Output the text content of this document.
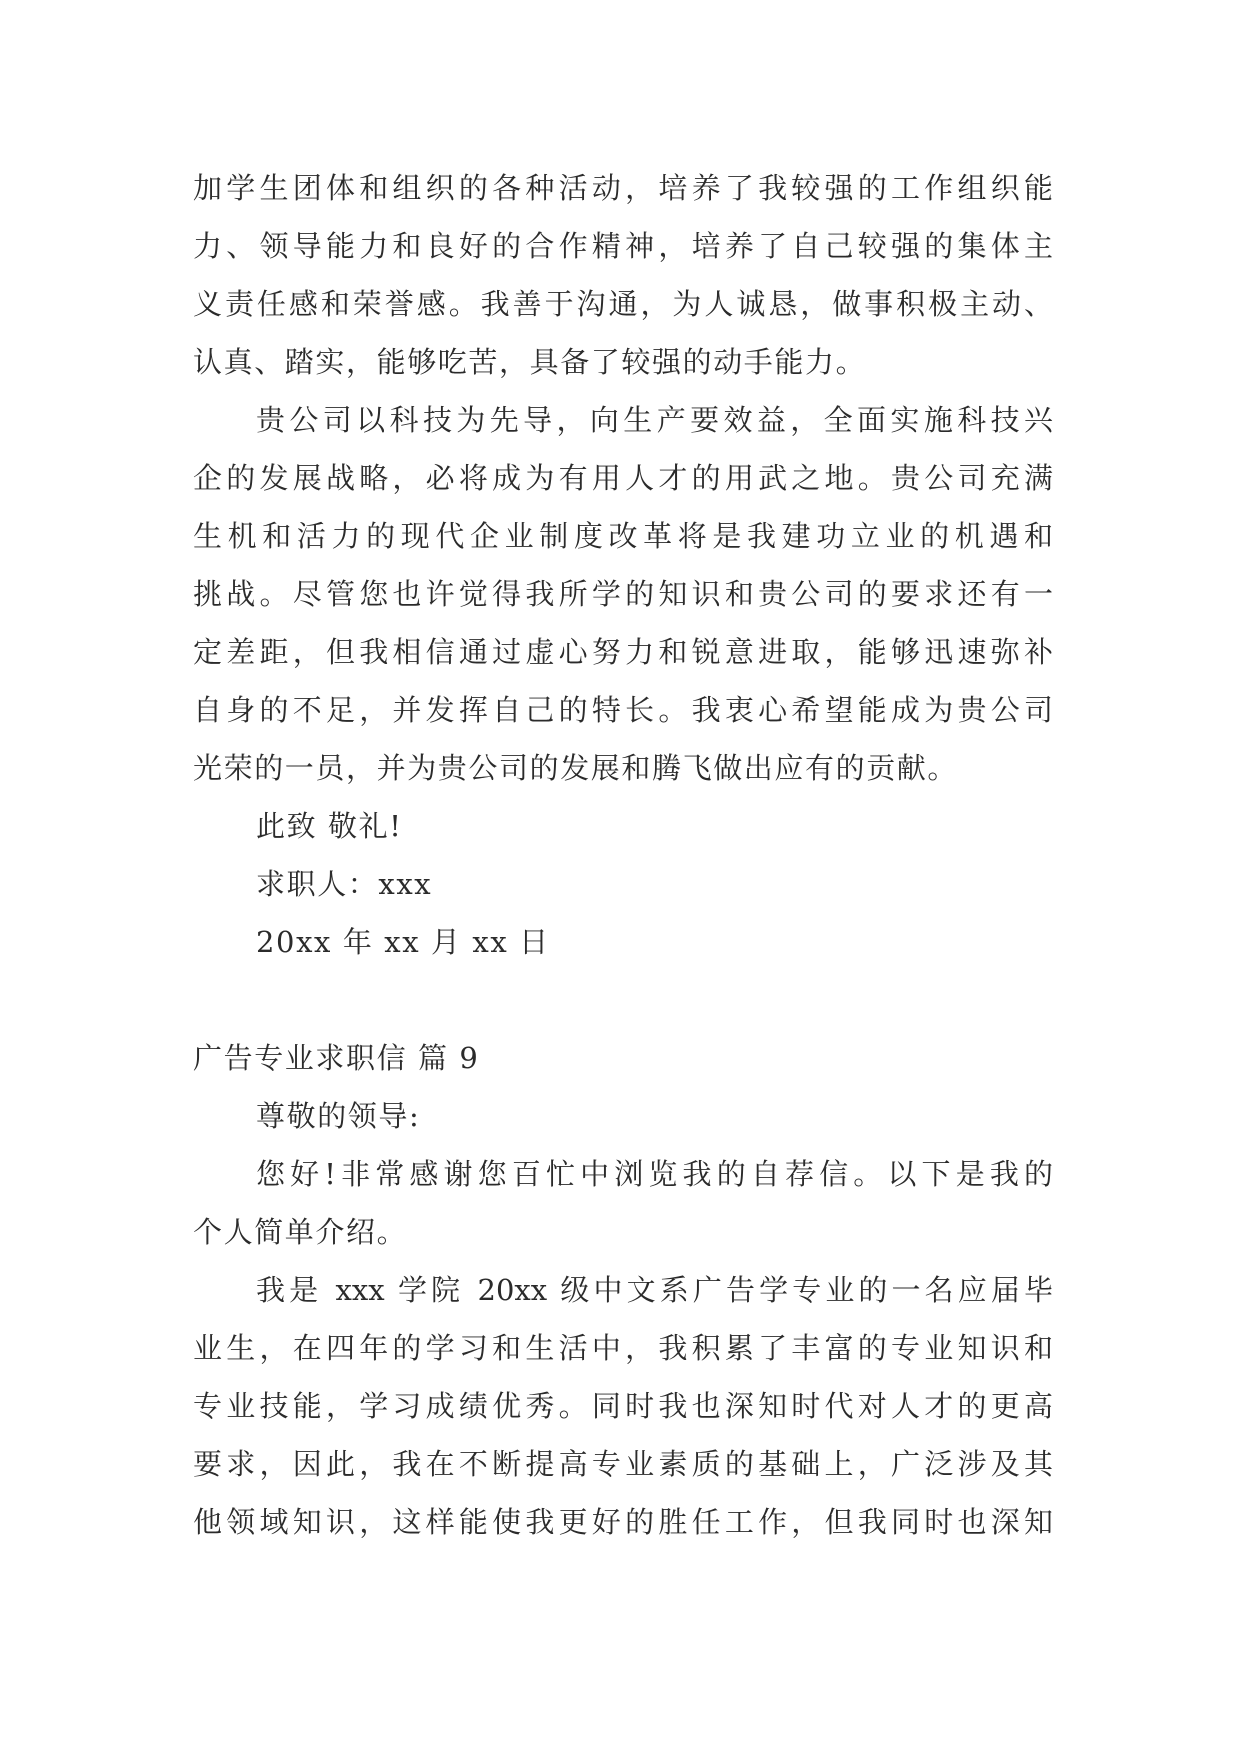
加学生团体和组织的各种活动，培养了我较强的工作组织能
力、领导能力和良好的合作精神，培养了自己较强的集体主
义责任感和荣誉感。我善于沟通，为人诚恳，做事积极主动、
认真、踏实，能够吃苦，具备了较强的动手能力。
贵公司以科技为先导，向生产要效益，全面实施科技兴
企的发展战略，必将成为有用人才的用武之地。贵公司充满
生机和活力的现代企业制度改革将是我建功立业的机遇和
挑战。尽管您也许觉得我所学的知识和贵公司的要求还有一
定差距，但我相信通过虚心努力和锐意进取，能够迅速弥补
自身的不足，并发挥自己的特长。我衷心希望能成为贵公司
光荣的一员，并为贵公司的发展和腾飞做出应有的贡献。
此致 敬礼!
求职人：xxx
20xx 年 xx 月 xx 日
广告专业求职信 篇 9
尊敬的领导:
您好!非常感谢您百忙中浏览我的自荐信。以下是我的
个人简单介绍。
我是 xxx 学院 20xx 级中文系广告学专业的一名应届毕
业生，在四年的学习和生活中，我积累了丰富的专业知识和
专业技能，学习成绩优秀。同时我也深知时代对人才的更高
要求，因此，我在不断提高专业素质的基础上，广泛涉及其
他领域知识，这样能使我更好的胜任工作，但我同时也深知
